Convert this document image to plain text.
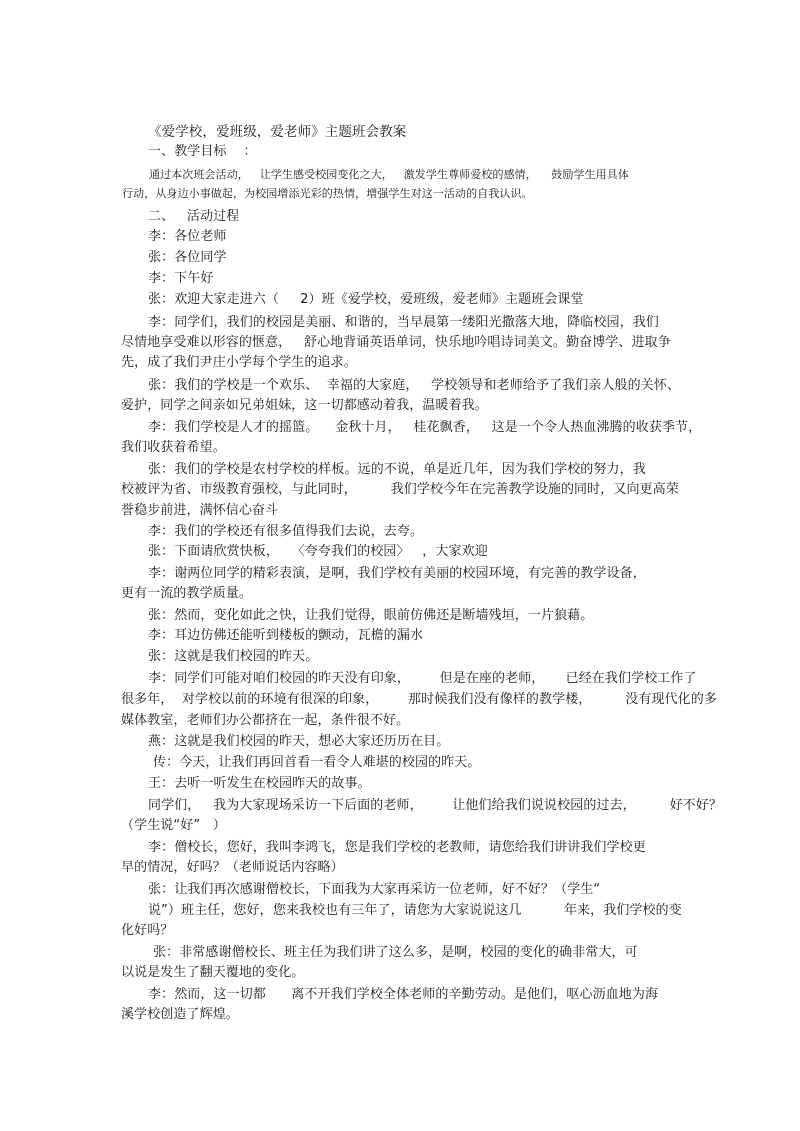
《爱学校，爱班级，爱老师》主题班会教案
一、教学目标    ：
通过本次班会活动，   让学生感受校园变化之大，   激发学生尊师爱校的感情，    鼓励学生用具体
行动，从身边小事做起，为校园增添光彩的热情，增强学生对这一活动的自我认识。
二、   活动过程
李：各位老师
张：各位同学
李：下午好
张：欢迎大家走进六（     2）班《爱学校，爱班级，爱老师》主题班会课堂
李：同学们，我们的校园是美丽、和谐的，当早晨第一缕阳光撒落大地，降临校园，我们
尽情地享受难以形容的惬意，   舒心地背诵英语单词，快乐地吟唱诗词美文。勤奋博学、进取争
先，成了我们尹庄小学每个学生的追求。
张：我们的学校是一个欢乐、  幸福的大家庭，   学校领导和老师给予了我们亲人般的关怀、
爱护，同学之间亲如兄弟姐妹，这一切都感动着我，温暖着我。
李：我们学校是人才的摇篮。    金秋十月，   桂花飘香，   这是一个令人热血沸腾的收获季节，
我们收获着希望。
张：我们的学校是农村学校的样板。远的不说，单是近几年，因为我们学校的努力，我
校被评为省、市级教育强校，与此同时，        我们学校今年在完善教学设施的同时，又向更高荣
誉稳步前进，满怀信心奋斗
李：我们的学校还有很多值得我们去说，去夸。
张：下面请欣赏快板，   〈夸夸我们的校园〉   ，大家欢迎
李：谢两位同学的精彩表演，是啊，我们学校有美丽的校园环境，有完善的教学设备，
更有一流的教学质量。
张：然而，变化如此之快，让我们觉得，眼前仿佛还是断墙残垣，一片狼藉。
李：耳边仿佛还能听到楼板的颤动，瓦檐的漏水
张：这就是我们校园的昨天。
李：同学们可能对咱们校园的昨天没有印象，       但是在座的老师，     已经在我们学校工作了
很多年，  对学校以前的环境有很深的印象，       那时候我们没有像样的教学楼，        没有现代化的多
媒体教室，老师们办公都挤在一起，条件很不好。
燕：这就是我们校园的昨天，想必大家还历历在目。
传：今天，让我们再回首看一看令人难堪的校园的昨天。
王：去听一听发生在校园昨天的故事。
同学们，   我为大家现场采访一下后面的老师，       让他们给我们说说校园的过去，        好不好？
（学生说“好”   ）
李：僧校长，您好，我叫李鸿飞，您是我们学校的老教师，请您给我们讲讲我们学校更
早的情况，好吗？（老师说话内容略）
张：让我们再次感谢僧校长，下面我为大家再采访一位老师，好不好？（学生“
说”）班主任，您好，您来我校也有三年了，请您为大家说说这几          年来，我们学校的变
化好吗？
张：非常感谢僧校长、班主任为我们讲了这么多，是啊，校园的变化的确非常大，可
以说是发生了翻天覆地的变化。
李：然而，这一切都      离不开我们学校全体老师的辛勤劳动。是他们，呕心沥血地为海
溪学校创造了辉煌。
